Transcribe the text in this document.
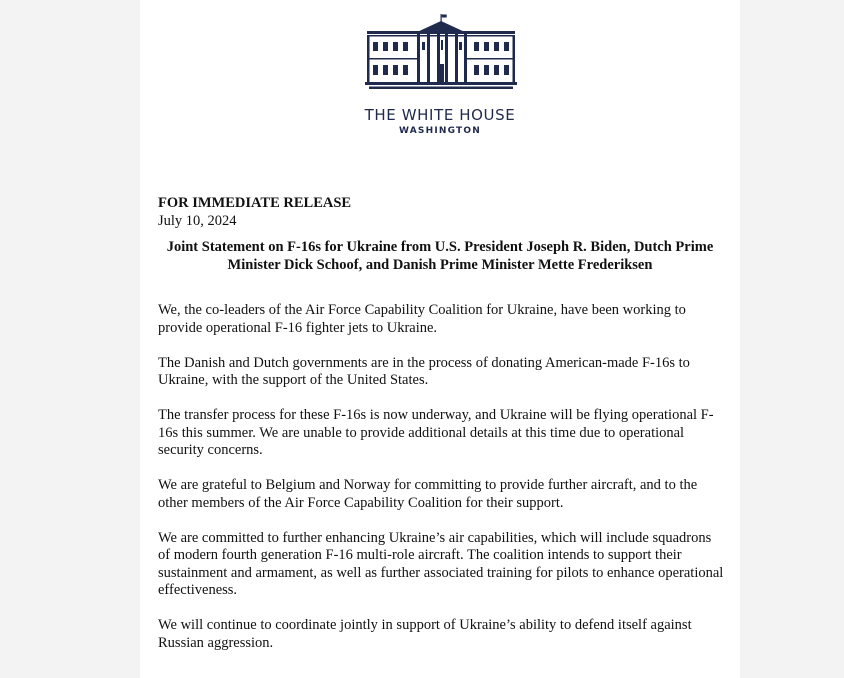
THE WHITE HOUSE
WASHINGTON
FOR IMMEDIATE RELEASE
July 10, 2024
Joint Statement on F-16s for Ukraine from U.S. President Joseph R. Biden, Dutch Prime Minister Dick Schoof, and Danish Prime Minister Mette Frederiksen

We, the co-leaders of the Air Force Capability Coalition for Ukraine, have been working to provide operational F-16 fighter jets to Ukraine.

The Danish and Dutch governments are in the process of donating American-made F-16s to Ukraine, with the support of the United States.

The transfer process for these F-16s is now underway, and Ukraine will be flying operational F-16s this summer. We are unable to provide additional details at this time due to operational security concerns.

We are grateful to Belgium and Norway for committing to provide further aircraft, and to the other members of the Air Force Capability Coalition for their support.

We are committed to further enhancing Ukraine’s air capabilities, which will include squadrons of modern fourth generation F-16 multi-role aircraft. The coalition intends to support their sustainment and armament, as well as further associated training for pilots to enhance operational effectiveness.

We will continue to coordinate jointly in support of Ukraine’s ability to defend itself against Russian aggression.
